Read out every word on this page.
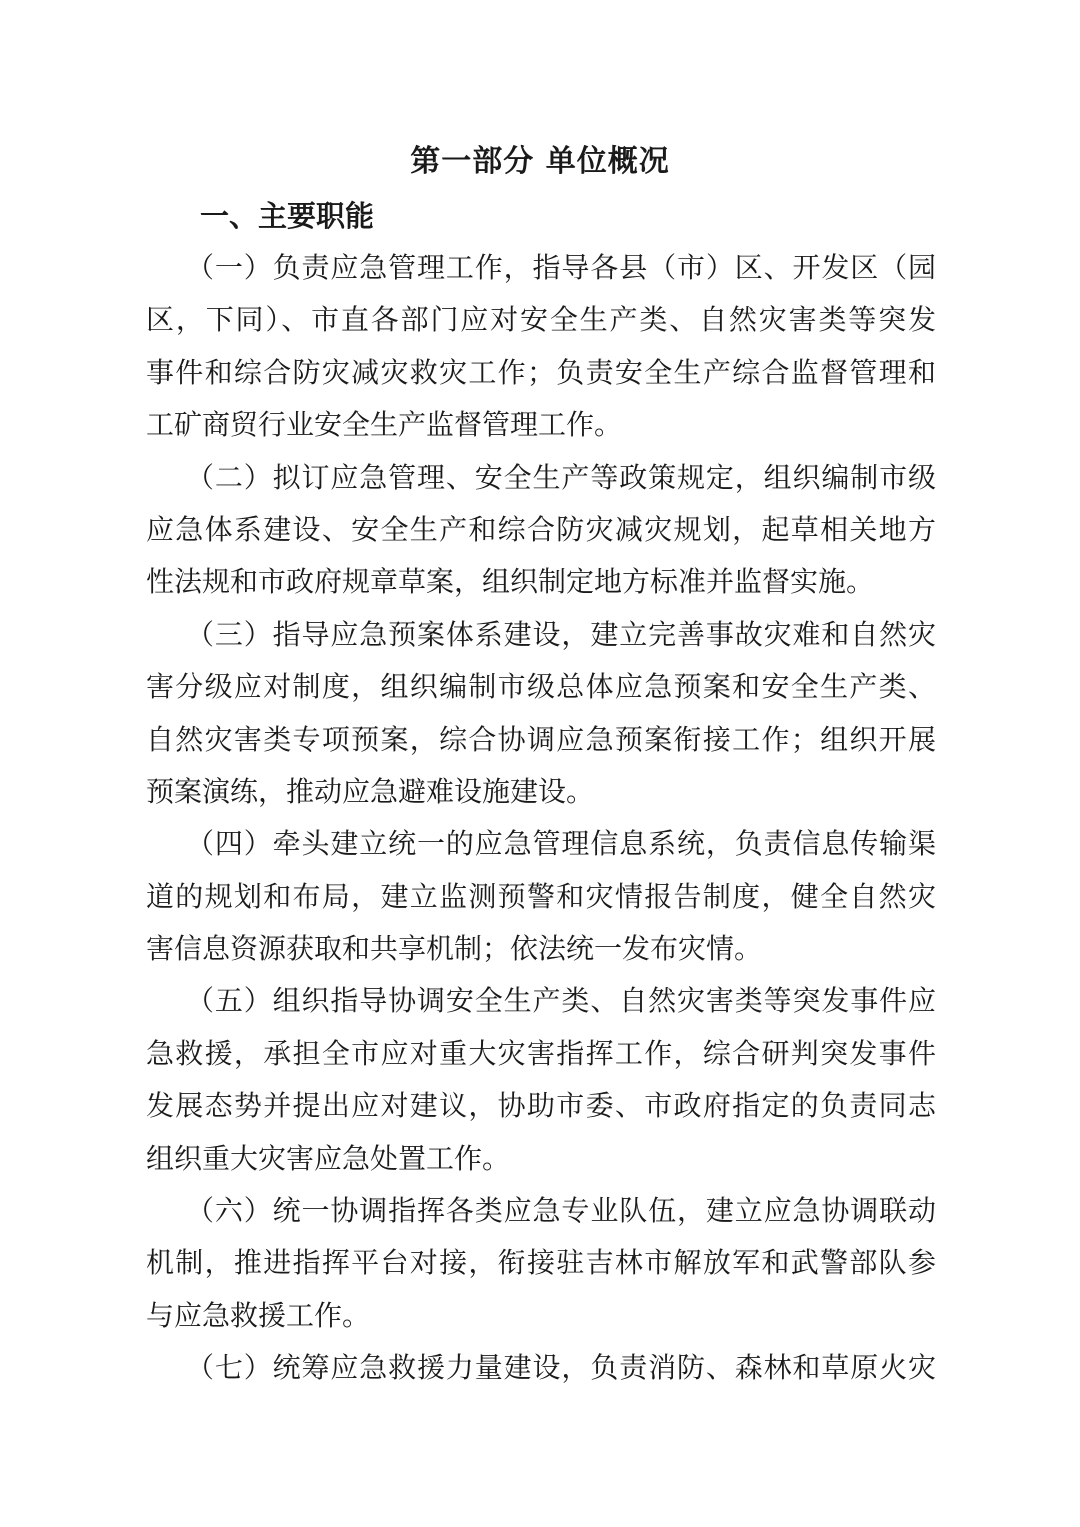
第一部分 单位概况
一、主要职能
（一）负责应急管理工作，指导各县（市）区、开发区（园
区，下同）、市直各部门应对安全生产类、自然灾害类等突发
事件和综合防灾减灾救灾工作；负责安全生产综合监督管理和
工矿商贸行业安全生产监督管理工作。
（二）拟订应急管理、安全生产等政策规定，组织编制市级
应急体系建设、安全生产和综合防灾减灾规划，起草相关地方
性法规和市政府规章草案，组织制定地方标准并监督实施。
（三）指导应急预案体系建设，建立完善事故灾难和自然灾
害分级应对制度，组织编制市级总体应急预案和安全生产类、
自然灾害类专项预案，综合协调应急预案衔接工作；组织开展
预案演练，推动应急避难设施建设。
（四）牵头建立统一的应急管理信息系统，负责信息传输渠
道的规划和布局，建立监测预警和灾情报告制度，健全自然灾
害信息资源获取和共享机制；依法统一发布灾情。
（五）组织指导协调安全生产类、自然灾害类等突发事件应
急救援，承担全市应对重大灾害指挥工作，综合研判突发事件
发展态势并提出应对建议，协助市委、市政府指定的负责同志
组织重大灾害应急处置工作。
（六）统一协调指挥各类应急专业队伍，建立应急协调联动
机制，推进指挥平台对接，衔接驻吉林市解放军和武警部队参
与应急救援工作。
（七）统筹应急救援力量建设，负责消防、森林和草原火灾
